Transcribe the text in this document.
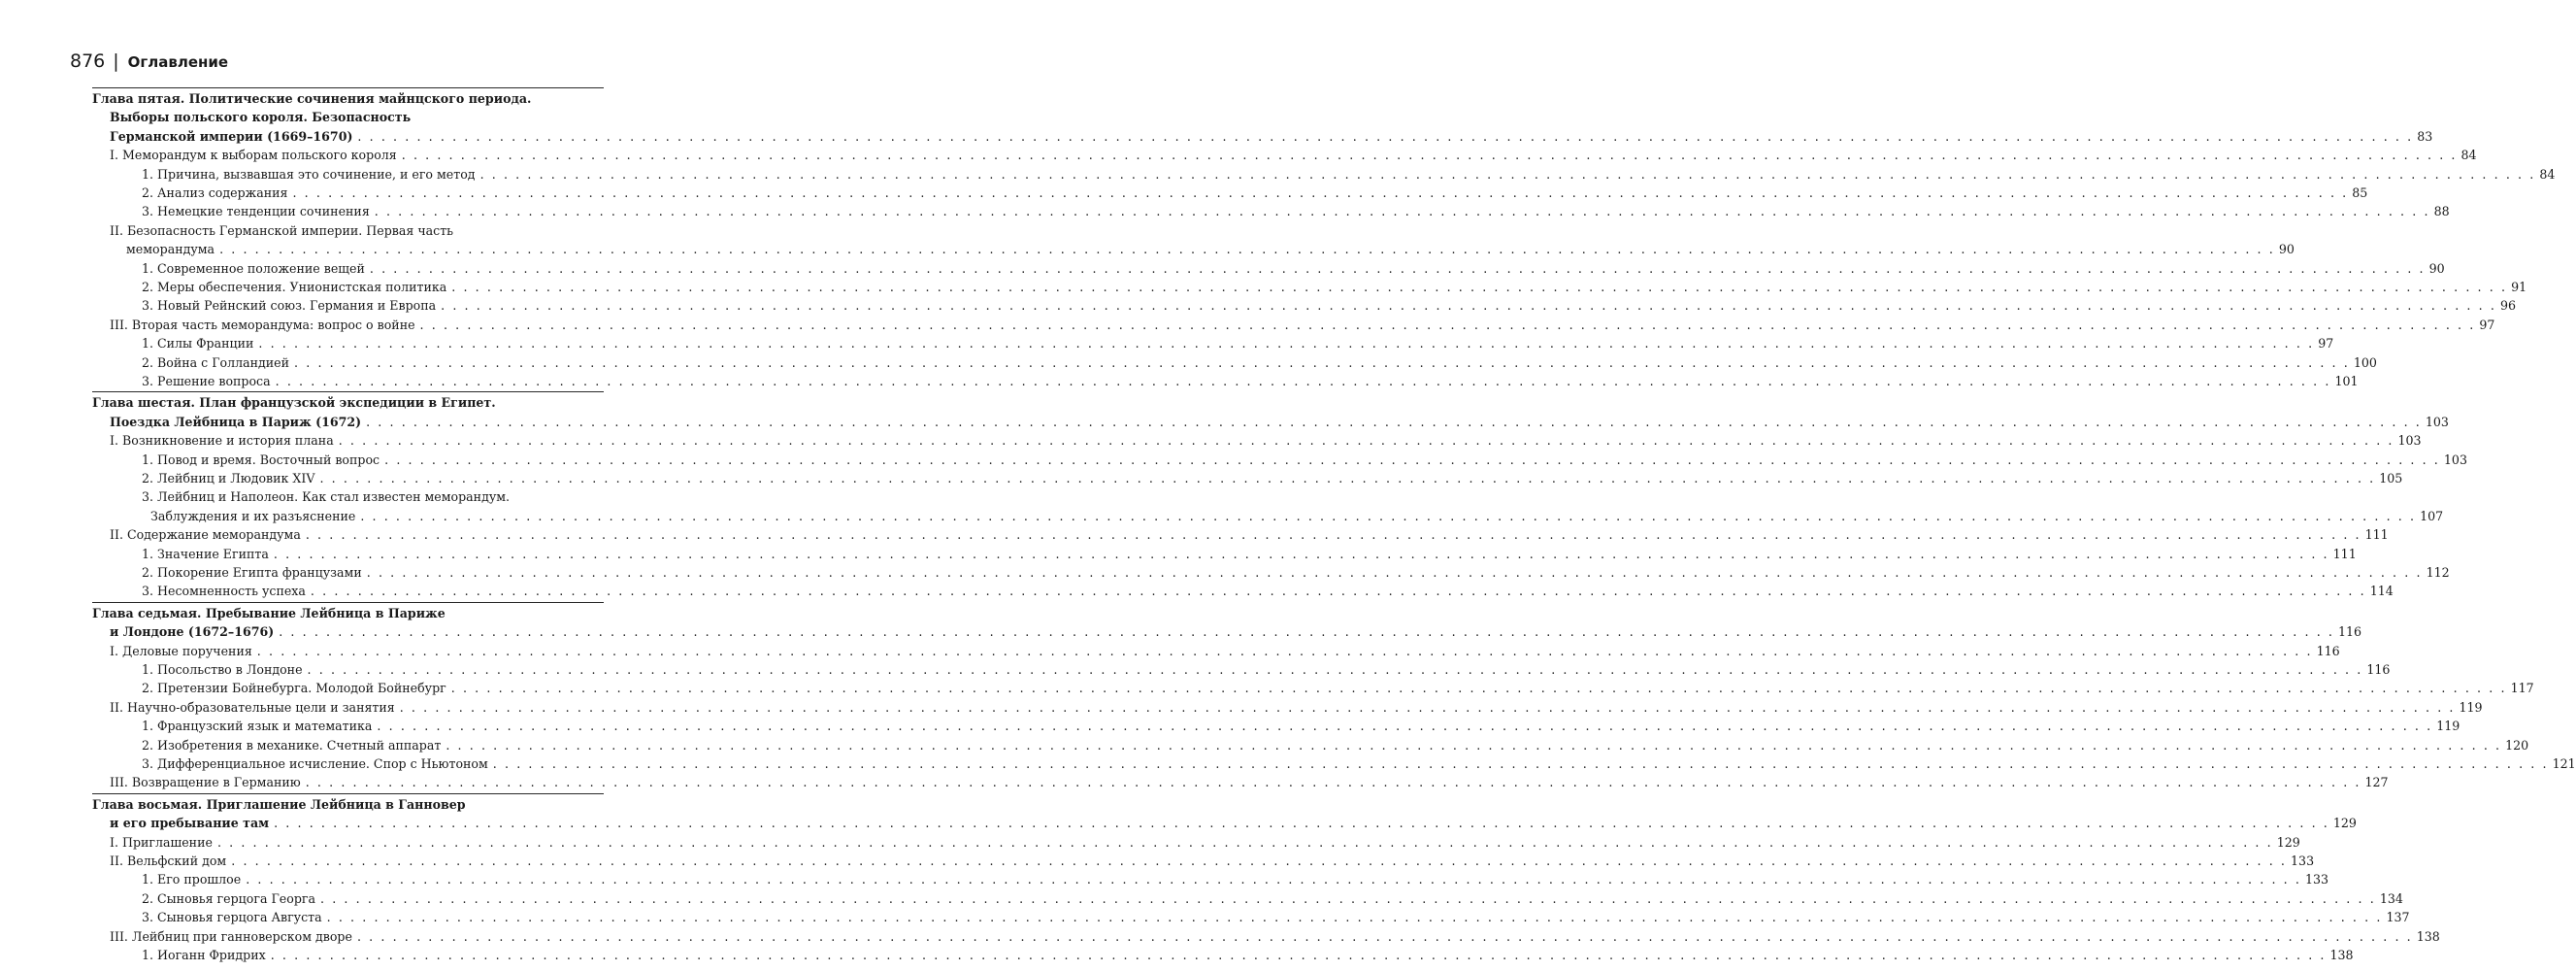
876 | Оглавление
Глава пятая. Политические сочинения майнцского периода.
Выборы польского короля. Безопасность
Германской империи (1669–1670) . . .	83
I. Меморандум к выборам польского короля . . .	84
1. Причина, вызвавшая это сочинение, и его метод . . .	84
2. Анализ содержания . . .	85
3. Немецкие тенденции сочинения . . .	88
II. Безопасность Германской империи. Первая часть
меморандума . . .	90
1. Современное положение вещей . . .	90
2. Меры обеспечения. Унионистская политика . . .	91
3. Новый Рейнский союз. Германия и Европа . . .	96
III. Вторая часть меморандума: вопрос о войне . . .	97
1. Силы Франции . . .	97
2. Война с Голландией . . .	100
3. Решение вопроса . . .	101
Глава шестая. План французской экспедиции в Египет.
Поездка Лейбница в Париж (1672) . . .	103
I. Возникновение и история плана . . .	103
1. Повод и время. Восточный вопрос . . .	103
2. Лейбниц и Людовик XIV . . .	105
3. Лейбниц и Наполеон. Как стал известен меморандум.
Заблуждения и их разъяснение . . .	107
II. Содержание меморандума . . .	111
1. Значение Египта . . .	111
2. Покорение Египта французами . . .	112
3. Несомненность успеха . . .	114
Глава седьмая. Пребывание Лейбница в Париже
и Лондоне (1672–1676) . . .	116
I. Деловые поручения . . .	116
1. Посольство в Лондоне . . .	116
2. Претензии Бойнебурга. Молодой Бойнебург . . .	117
II. Научно-образовательные цели и занятия . . .	119
1. Французский язык и математика . . .	119
2. Изобретения в механике. Счетный аппарат . . .	120
3. Дифференциальное исчисление. Спор с Ньютоном . . .	121
III. Возвращение в Германию . . .	127
Глава восьмая. Приглашение Лейбница в Ганновер
и его пребывание там . . .	129
I. Приглашение . . .	129
II. Вельфский дом . . .	133
1. Его прошлое . . .	133
2. Сыновья герцога Георга . . .	134
3. Сыновья герцога Августа . . .	137
III. Лейбниц при ганноверском дворе . . .	138
1. Иоганн Фридрих . . .	138
